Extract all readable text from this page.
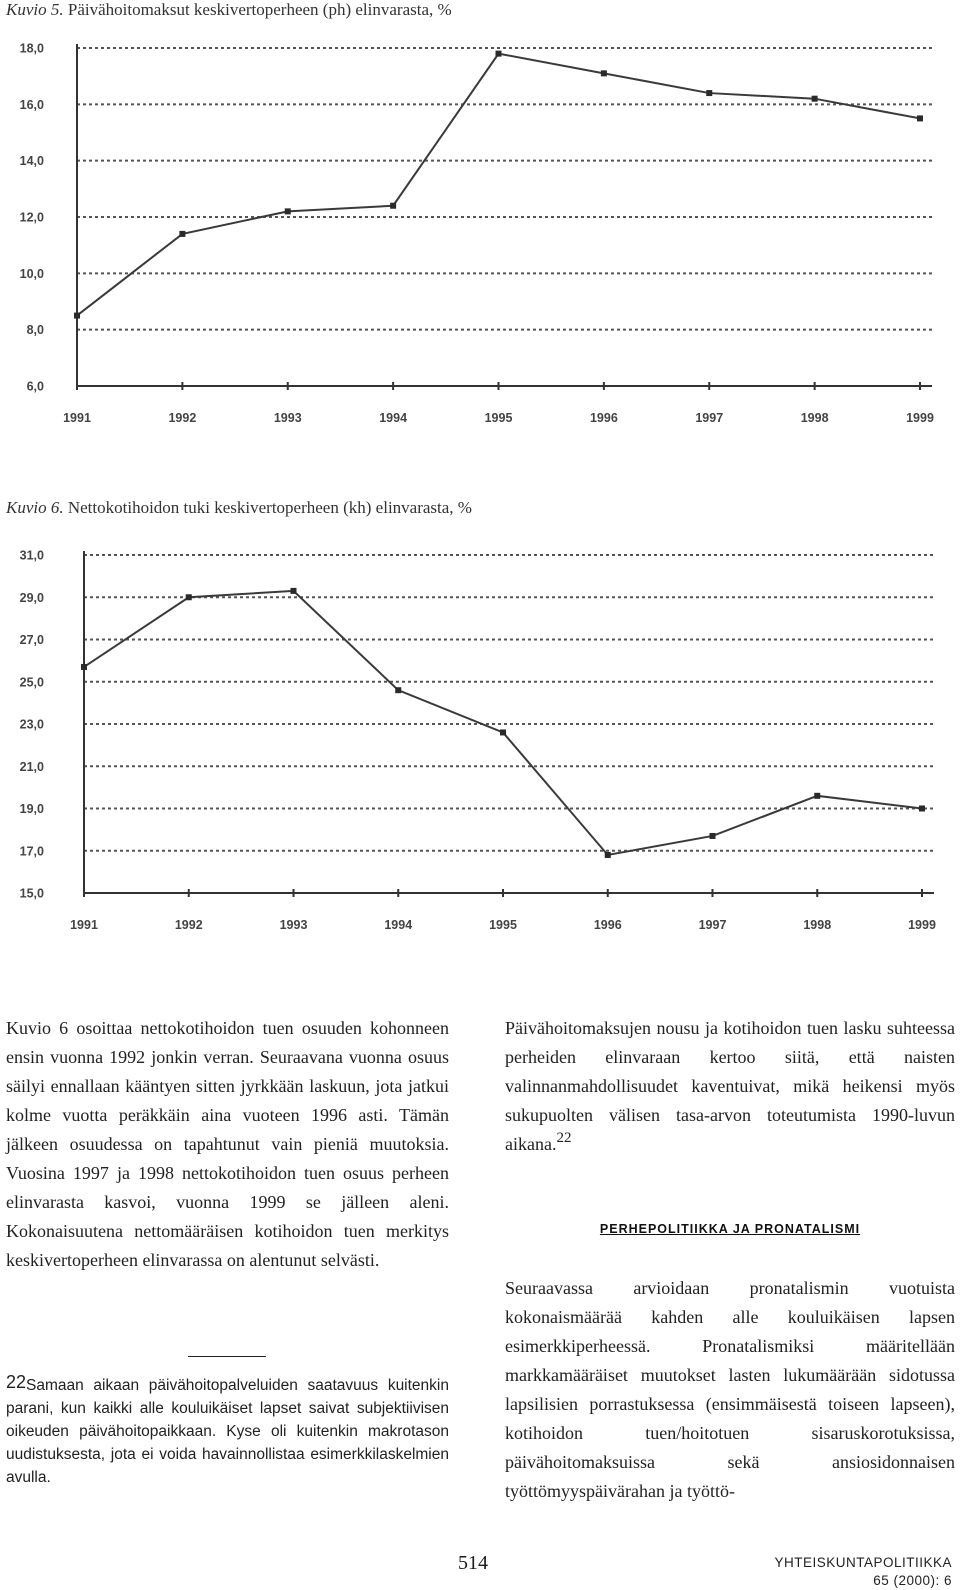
Kuvio 5. Päivähoitomaksut keskivertoperheen (ph) elinvarasta, %
6,0
8,0
10,0
12,0
14,0
16,0
18,0
1991	1992	1993	1994	1995	1996	1997	1998	1999
Kuvio 6. Nettokotihoidon tuki keskivertoperheen (kh) elinvarasta, %
15,0
17,0
19,0
21,0
23,0
25,0
27,0
29,0
31,0
1991	1992	1993	1994	1995	1996	1997	1998	1999

Kuvio 6 osoittaa nettokotihoidon tuen osuuden kohonneen ensin vuonna 1992 jonkin verran. Seuraavana vuonna osuus säilyi ennallaan kääntyen sitten jyrkkään laskuun, jota jatkui kolme vuotta peräkkäin aina vuoteen 1996 asti. Tämän jälkeen osuudessa on tapahtunut vain pieniä muutoksia. Vuosina 1997 ja 1998 nettokotihoidon tuen osuus perheen elinvarasta kasvoi, vuonna 1999 se jälleen aleni. Kokonaisuutena nettomääräisen kotihoidon tuen merkitys keskivertoperheen elinvarassa on alentunut selvästi.

$^{22}$Samaan aikaan päivähoitopalveluiden saatavuus kuitenkin parani, kun kaikki alle kouluikäiset lapset saivat subjektiivisen oikeuden päivähoitopaikkaan. Kyse oli kuitenkin makrotason uudistuksesta, jota ei voida havainnollistaa esimerkkilaskelmien avulla.

Päivähoitomaksujen nousu ja kotihoidon tuen lasku suhteessa perheiden elinvaraan kertoo siitä, että naisten valinnanmahdollisuudet kaventuivat, mikä heikensi myös sukupuolten välisen tasa-arvon toteutumista 1990-luvun aikana.$^{22}$

PERHEPOLITIIKKA JA PRONATALISMI

Seuraavassa arvioidaan pronatalismin vuotuista kokonaismäärää kahden alle kouluikäisen lapsen esimerkkiperheessä. Pronatalismiksi määritellään markkamääräiset muutokset lasten lukumäärään sidotussa lapsilisien porrastuksessa (ensimmäisestä toiseen lapseen), kotihoidon tuen/hoitotuen sisaruskorotuksissa, päivähoitomaksuissa sekä ansiosidonnaisen työttömyyspäivärahan ja työttö-

514	YHTEISKUNTAPOLITIIKKA
65 (2000): 6
